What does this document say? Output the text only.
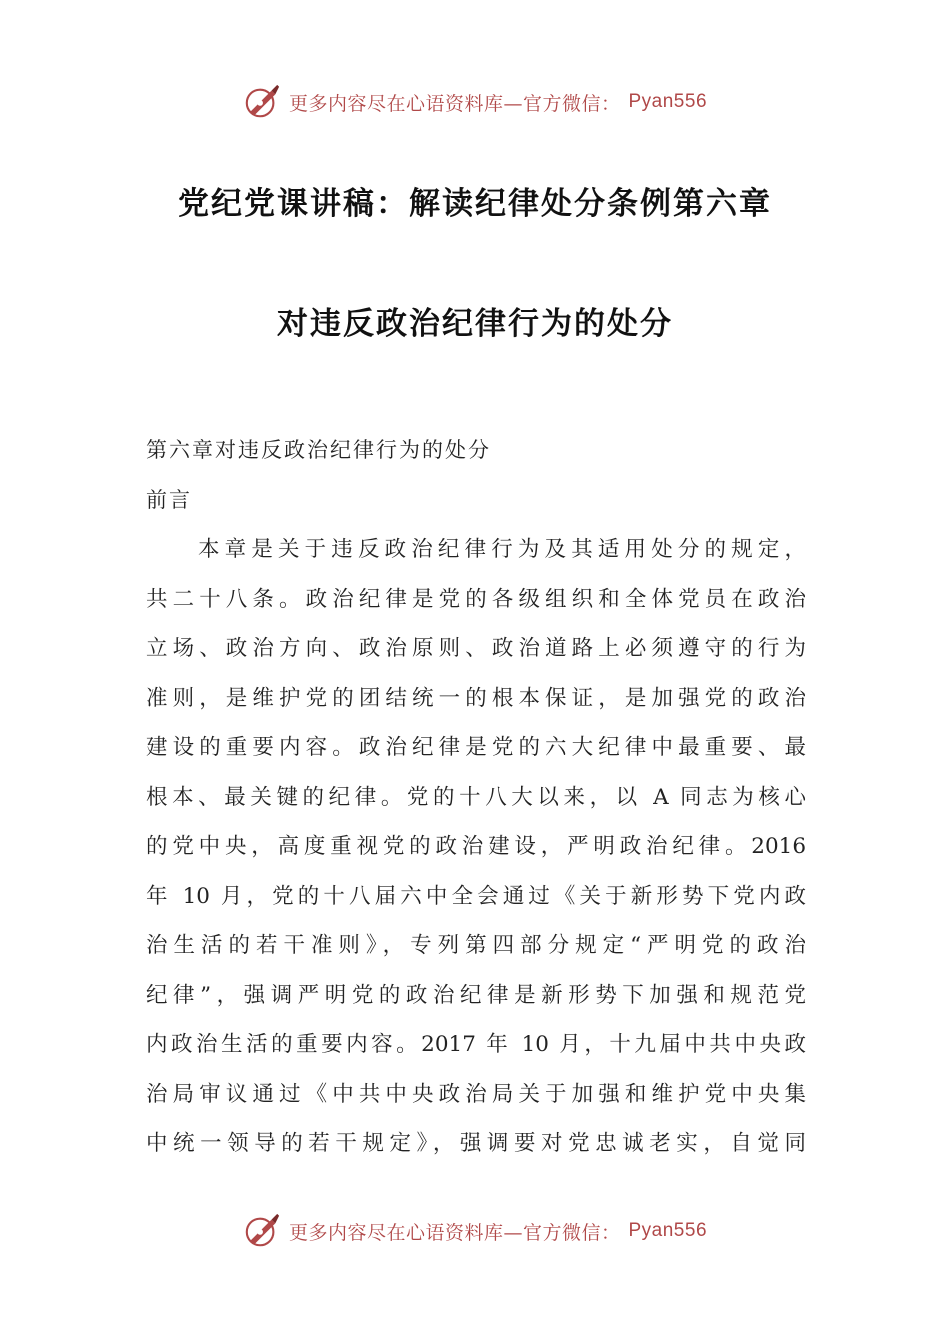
更多内容尽在心语资料库—官方微信： Pyan556
党纪党课讲稿：解读纪律处分条例第六章
对违反政治纪律行为的处分
第六章对违反政治纪律行为的处分
前言
本章是关于违反政治纪律行为及其适用处分的规定，
共二十八条。政治纪律是党的各级组织和全体党员在政治
立场、政治方向、政治原则、政治道路上必须遵守的行为
准则，是维护党的团结统一的根本保证，是加强党的政治
建设的重要内容。政治纪律是党的六大纪律中最重要、最
根本、最关键的纪律。党的十八大以来，以 A 同志为核心
的党中央，高度重视党的政治建设，严明政治纪律。2016
年 10 月，党的十八届六中全会通过《关于新形势下党内政
治生活的若干准则》，专列第四部分规定“严明党的政治
纪律”，强调严明党的政治纪律是新形势下加强和规范党
内政治生活的重要内容。2017 年 10 月，十九届中共中央政
治局审议通过《中共中央政治局关于加强和维护党中央集
中统一领导的若干规定》，强调要对党忠诚老实，自觉同
更多内容尽在心语资料库—官方微信： Pyan556
